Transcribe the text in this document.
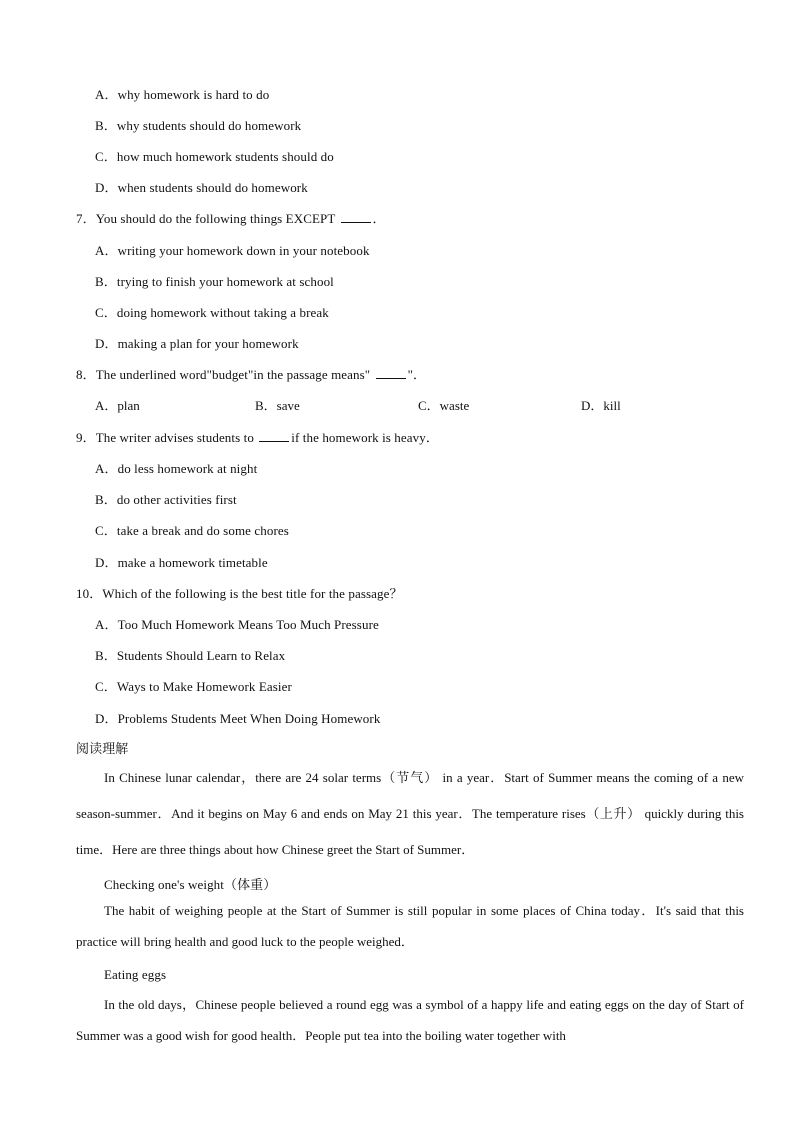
A．why homework is hard to do
B．why students should do homework
C．how much homework students should do
D．when students should do homework
7．You should do the following things EXCEPT	．
A．writing your homework down in your notebook
B．trying to finish your homework at school
C．doing homework without taking a break
D．making a plan for your homework
8．The underlined word"budget"in the passage means"	"．
A．plan	B．save	C．waste	D．kill
9．The writer advises students to	if the homework is heavy．
A．do less homework at night
B．do other activities first
C．take a break and do some chores
D．make a homework timetable
10．Which of the following is the best title for the passage？
A．Too Much Homework Means Too Much Pressure
B．Students Should Learn to Relax
C．Ways to Make Homework Easier
D．Problems Students Meet When Doing Homework
阅读理解
In Chinese lunar calendar，there are 24 solar terms（节气） in a year．Start of Summer means the coming of a new season-summer．And it begins on May 6 and ends on May 21 this year．The temperature rises（上升） quickly during this time．Here are three things about how Chinese greet the Start of Summer．
Checking one's weight（体重）
The habit of weighing people at the Start of Summer is still popular in some places of China today．It's said that this practice will bring health and good luck to the people weighed．
Eating eggs
In the old days，Chinese people believed a round egg was a symbol of a happy life and eating eggs on the day of Start of Summer was a good wish for good health．People put tea into the boiling water together with
